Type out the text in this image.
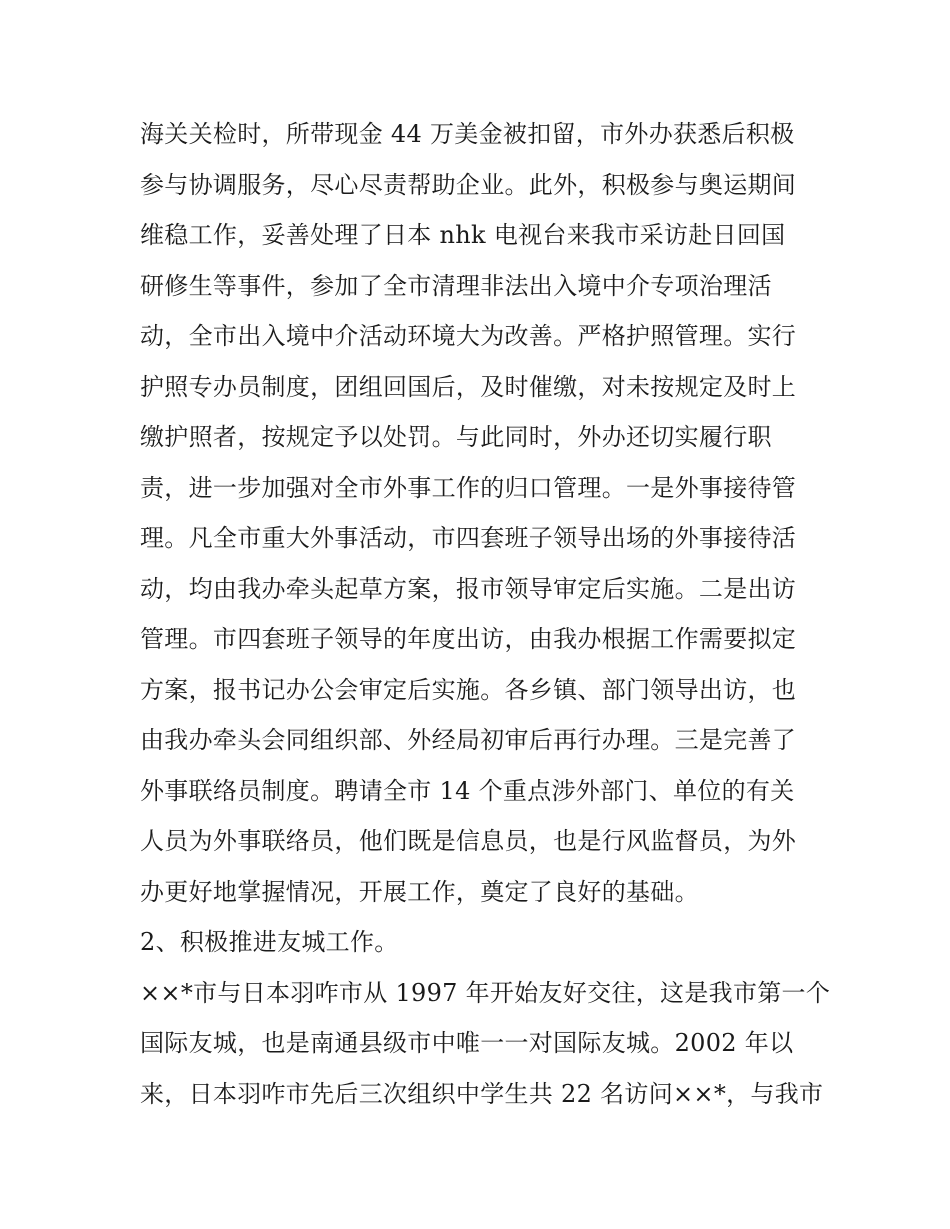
海关关检时，所带现金 44 万美金被扣留，市外办获悉后积极
参与协调服务，尽心尽责帮助企业。此外，积极参与奥运期间
维稳工作，妥善处理了日本 nhk 电视台来我市采访赴日回国
研修生等事件，参加了全市清理非法出入境中介专项治理活
动，全市出入境中介活动环境大为改善。严格护照管理。实行
护照专办员制度，团组回国后，及时催缴，对未按规定及时上
缴护照者，按规定予以处罚。与此同时，外办还切实履行职
责，进一步加强对全市外事工作的归口管理。一是外事接待管
理。凡全市重大外事活动，市四套班子领导出场的外事接待活
动，均由我办牵头起草方案，报市领导审定后实施。二是出访
管理。市四套班子领导的年度出访，由我办根据工作需要拟定
方案，报书记办公会审定后实施。各乡镇、部门领导出访，也
由我办牵头会同组织部、外经局初审后再行办理。三是完善了
外事联络员制度。聘请全市 14 个重点涉外部门、单位的有关
人员为外事联络员，他们既是信息员，也是行风监督员，为外
办更好地掌握情况，开展工作，奠定了良好的基础。
2、积极推进友城工作。
××*市与日本羽咋市从 1997 年开始友好交往，这是我市第一个
国际友城，也是南通县级市中唯一一对国际友城。2002 年以
来，日本羽咋市先后三次组织中学生共 22 名访问××*，与我市
